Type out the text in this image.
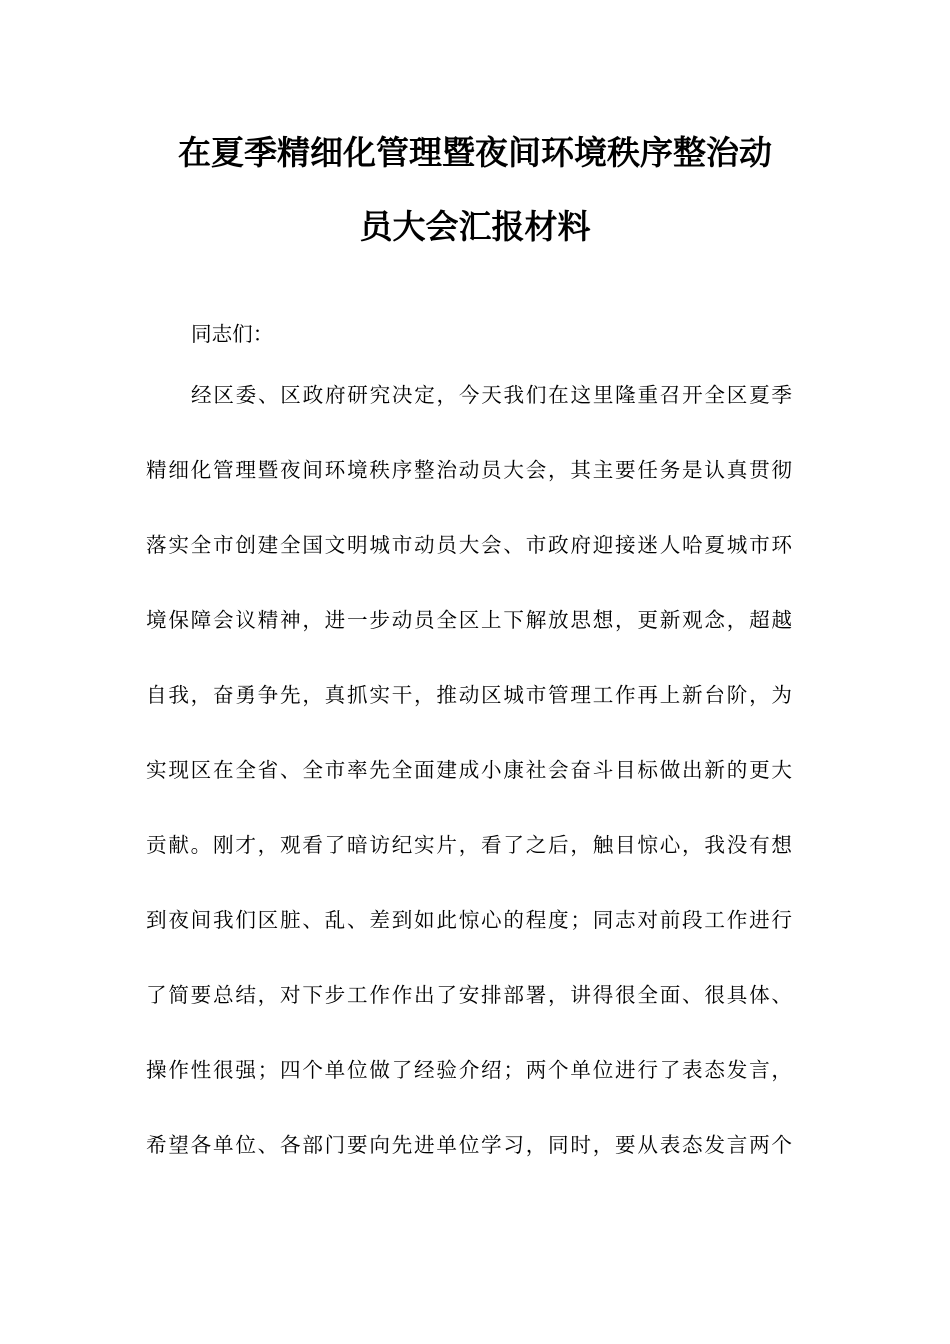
在夏季精细化管理暨夜间环境秩序整治动
员大会汇报材料
同志们：
经区委、区政府研究决定，今天我们在这里隆重召开全区夏季
精细化管理暨夜间环境秩序整治动员大会，其主要任务是认真贯彻
落实全市创建全国文明城市动员大会、市政府迎接迷人哈夏城市环
境保障会议精神，进一步动员全区上下解放思想，更新观念，超越
自我，奋勇争先，真抓实干，推动区城市管理工作再上新台阶，为
实现区在全省、全市率先全面建成小康社会奋斗目标做出新的更大
贡献。刚才，观看了暗访纪实片，看了之后，触目惊心，我没有想
到夜间我们区脏、乱、差到如此惊心的程度；同志对前段工作进行
了简要总结，对下步工作作出了安排部署，讲得很全面、很具体、
操作性很强；四个单位做了经验介绍；两个单位进行了表态发言，
希望各单位、各部门要向先进单位学习，同时，要从表态发言两个
